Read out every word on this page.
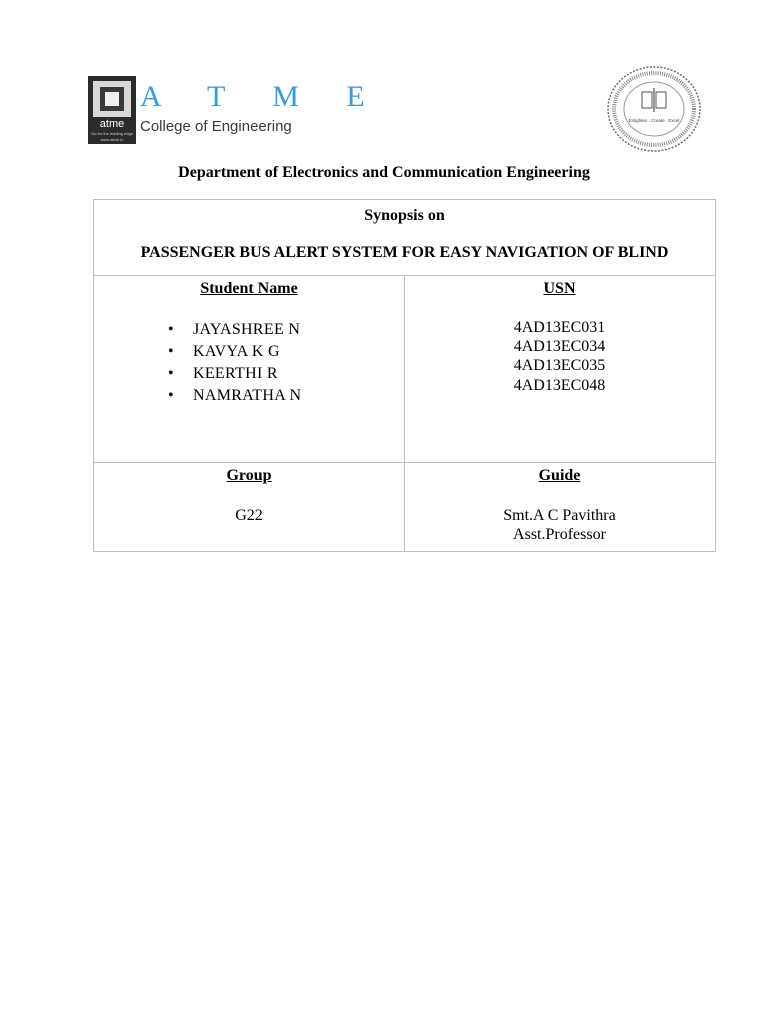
atme
Go for the leading edge
www.atme.in
A T M E
College of Engineering	Enlighten . Create . Excel
Department of Electronics and Communication Engineering
Synopsis on
PASSENGER BUS ALERT SYSTEM FOR EASY NAVIGATION OF BLIND
Student Name
• JAYASHREE N
• KAVYA K G
• KEERTHI R
• NAMRATHA N
USN
4AD13EC031
4AD13EC034
4AD13EC035
4AD13EC048
Group
G22
Guide
Smt.A C Pavithra
Asst.Professor
